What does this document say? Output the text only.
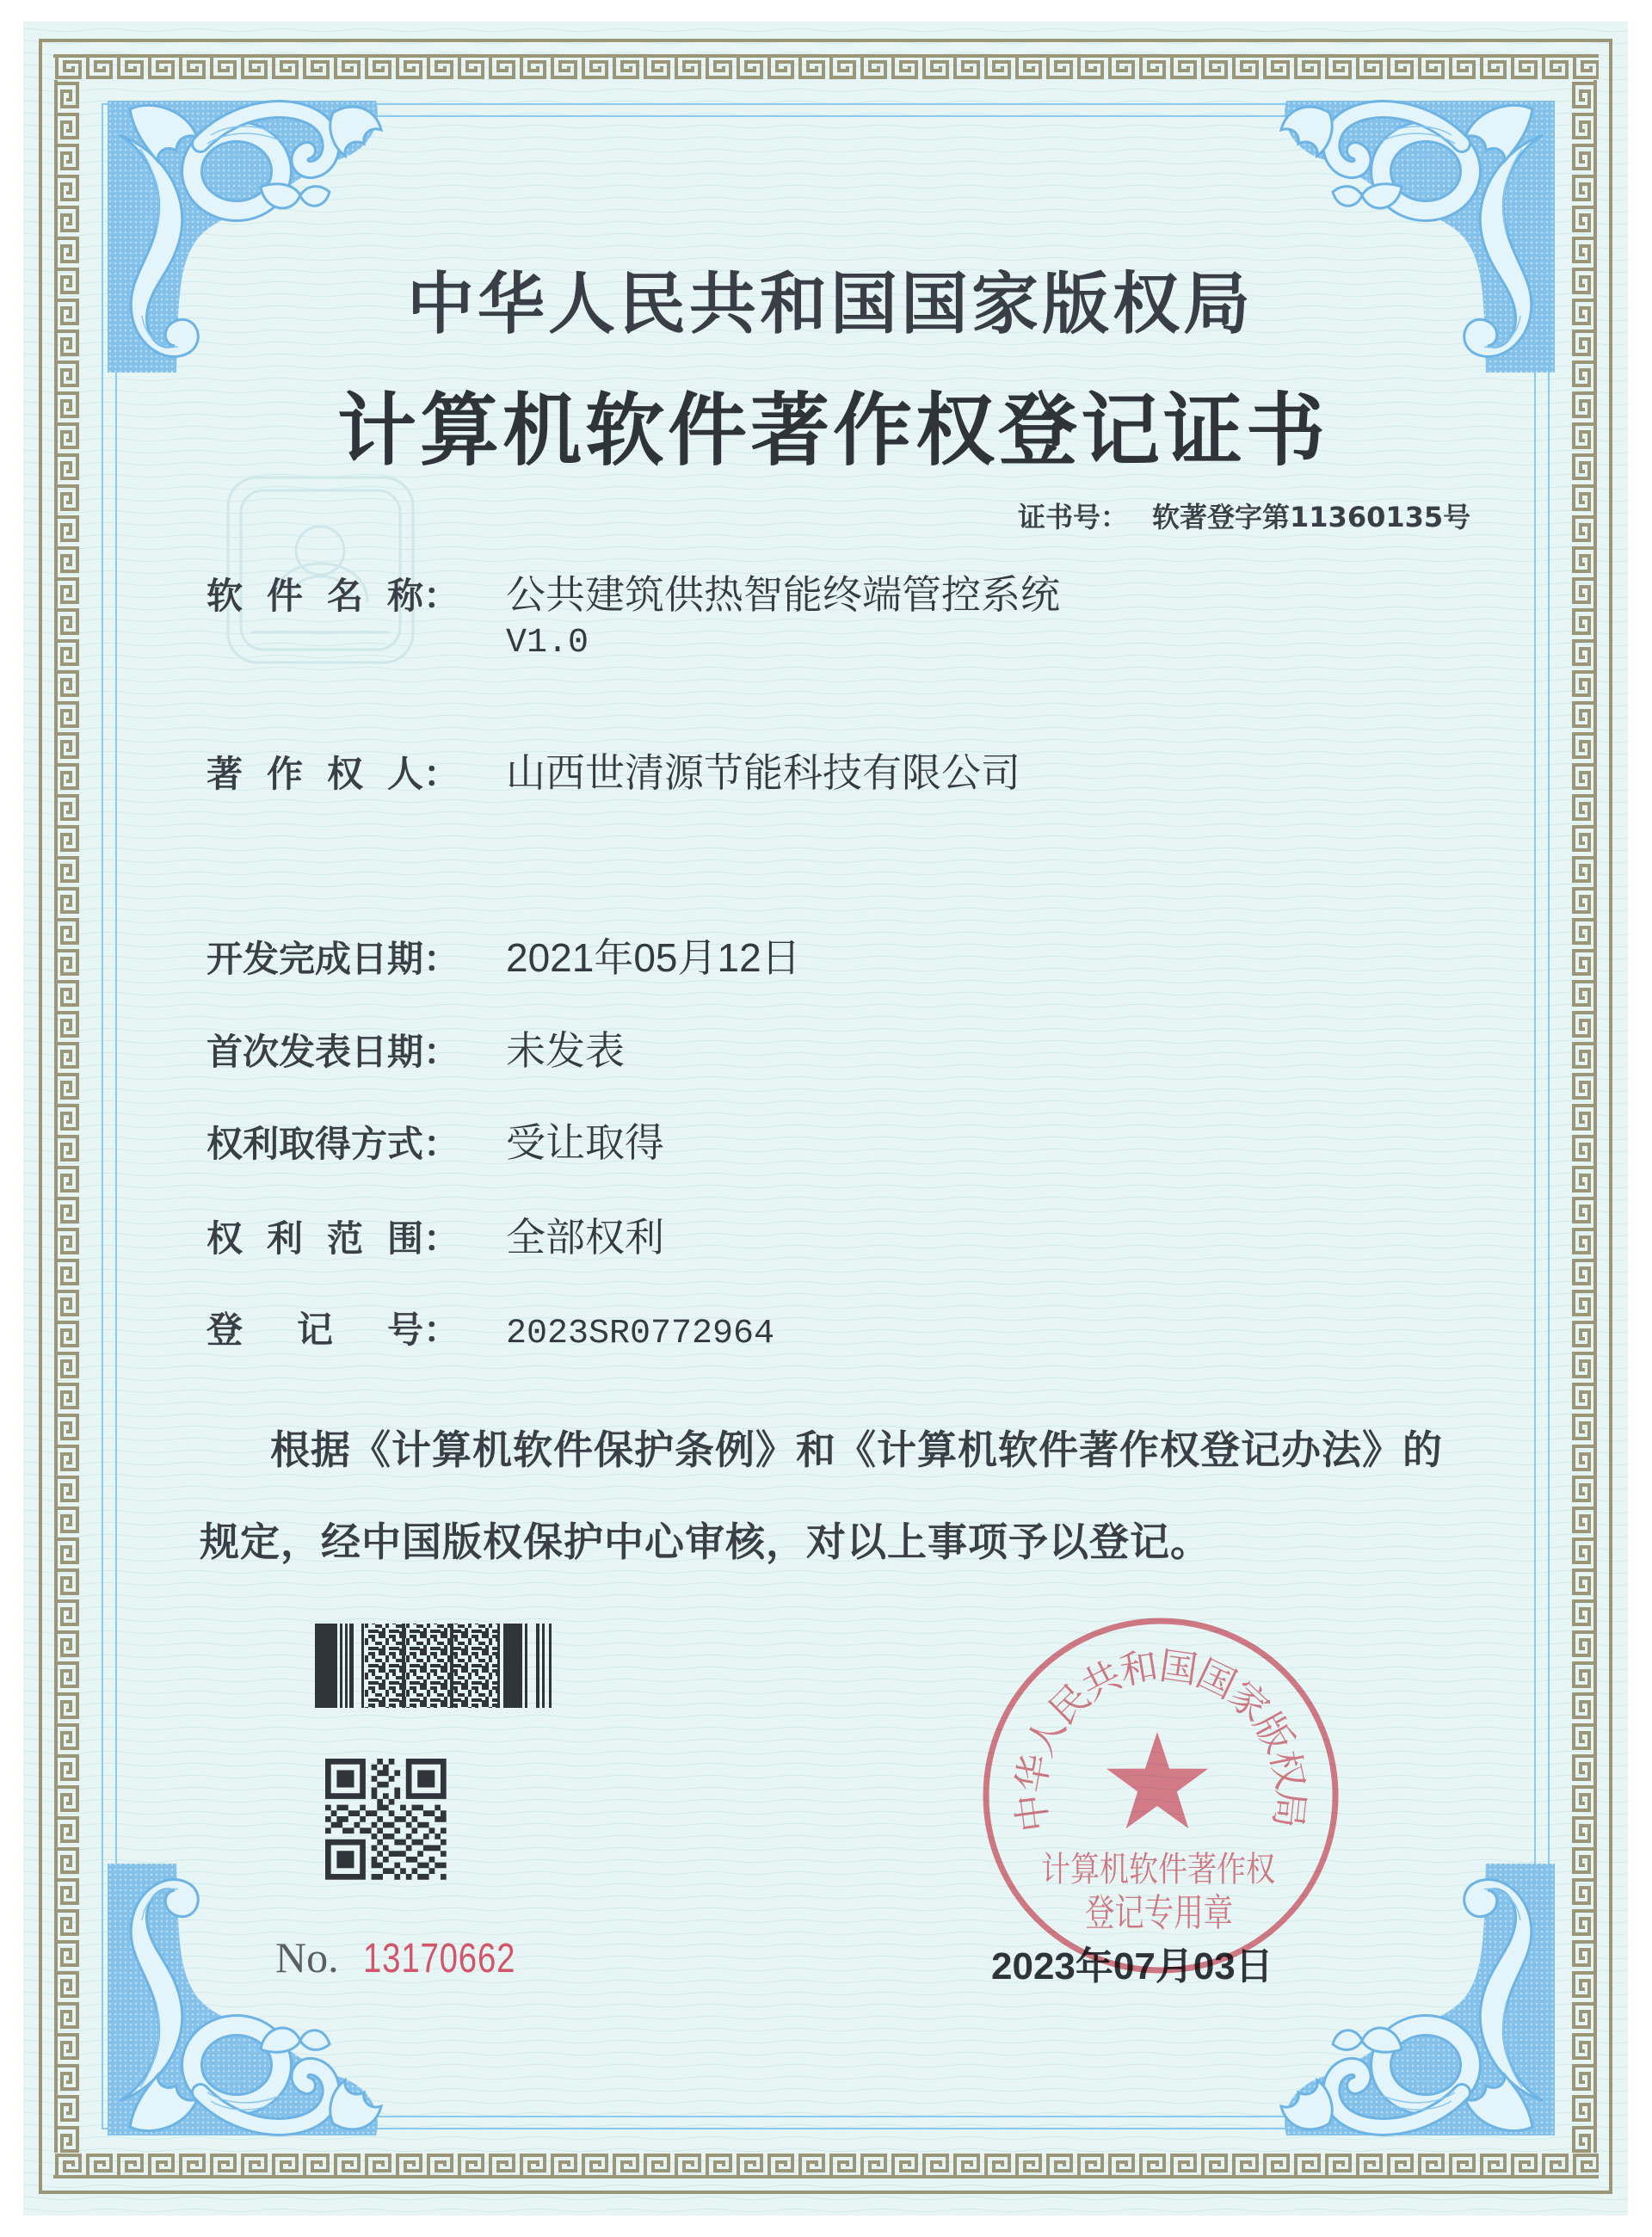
中华人民共和国国家版权局
计算机软件著作权登记证书
证书号： 软著登字第11360135号
软件名称 ： 公共建筑供热智能终端管控系统
V1.0
著作权人 ： 山西世清源节能科技有限公司
开发完成日期 ： 2021年05月12日
首次发表日期 ： 未发表
权利取得方式 ： 受让取得
权利范围 ： 全部权利
登记号 ： 2023SR0772964
根据《计算机软件保护条例》和《计算机软件著作权登记办法》的
规定，经中国版权保护中心审核，对以上事项予以登记。
No. 13170662	2023年07月03日
中华人民共和国国家版权局
计算机软件著作权
登记专用章
